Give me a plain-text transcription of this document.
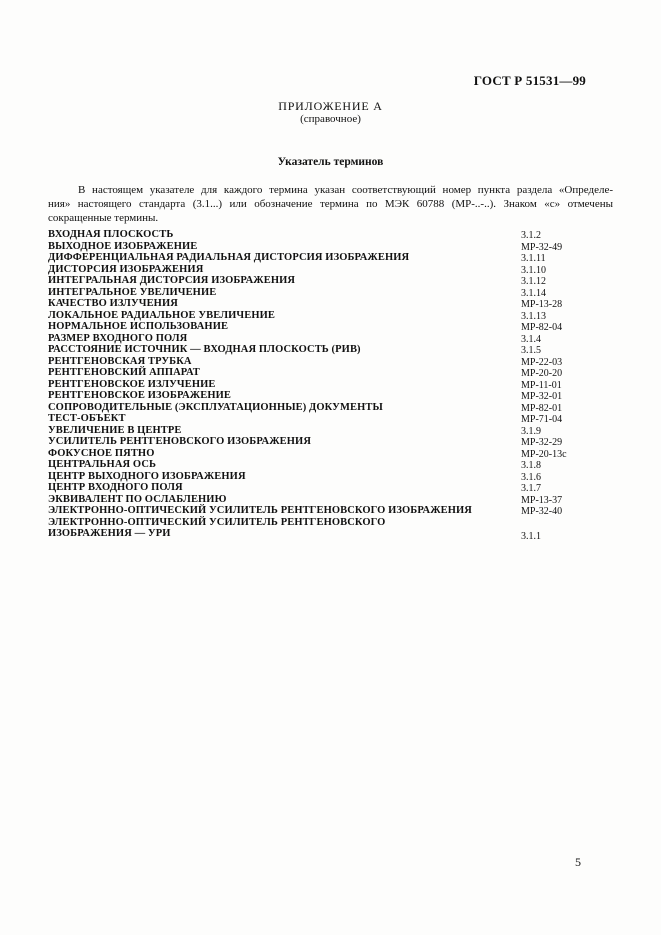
ГОСТ Р 51531—99
ПРИЛОЖЕНИЕ А
(справочное)
Указатель терминов
В настоящем указателе для каждого термина указан соответствующий номер пункта раздела «Определе-
ния» настоящего стандарта (3.1...) или обозначение термина по МЭК 60788 (МР-..-..). Знаком «с» отмечены
сокращенные термины.
ВХОДНАЯ ПЛОСКОСТЬ	3.1.2
ВЫХОДНОЕ ИЗОБРАЖЕНИЕ	МР-32-49
ДИФФЕРЕНЦИАЛЬНАЯ РАДИАЛЬНАЯ ДИСТОРСИЯ ИЗОБРАЖЕНИЯ	3.1.11
ДИСТОРСИЯ ИЗОБРАЖЕНИЯ	3.1.10
ИНТЕГРАЛЬНАЯ ДИСТОРСИЯ ИЗОБРАЖЕНИЯ	3.1.12
ИНТЕГРАЛЬНОЕ УВЕЛИЧЕНИЕ	3.1.14
КАЧЕСТВО ИЗЛУЧЕНИЯ	МР-13-28
ЛОКАЛЬНОЕ РАДИАЛЬНОЕ УВЕЛИЧЕНИЕ	3.1.13
НОРМАЛЬНОЕ ИСПОЛЬЗОВАНИЕ	МР-82-04
РАЗМЕР ВХОДНОГО ПОЛЯ	3.1.4
РАССТОЯНИЕ ИСТОЧНИК — ВХОДНАЯ ПЛОСКОСТЬ (РИВ)	3.1.5
РЕНТГЕНОВСКАЯ ТРУБКА	МР-22-03
РЕНТГЕНОВСКИЙ АППАРАТ	МР-20-20
РЕНТГЕНОВСКОЕ ИЗЛУЧЕНИЕ	МР-11-01
РЕНТГЕНОВСКОЕ ИЗОБРАЖЕНИЕ	МР-32-01
СОПРОВОДИТЕЛЬНЫЕ (ЭКСПЛУАТАЦИОННЫЕ) ДОКУМЕНТЫ	МР-82-01
ТЕСТ-ОБЪЕКТ	МР-71-04
УВЕЛИЧЕНИЕ В ЦЕНТРЕ	3.1.9
УСИЛИТЕЛЬ РЕНТГЕНОВСКОГО ИЗОБРАЖЕНИЯ	МР-32-29
ФОКУСНОЕ ПЯТНО	МР-20-13с
ЦЕНТРАЛЬНАЯ ОСЬ	3.1.8
ЦЕНТР ВЫХОДНОГО ИЗОБРАЖЕНИЯ	3.1.6
ЦЕНТР ВХОДНОГО ПОЛЯ	3.1.7
ЭКВИВАЛЕНТ ПО ОСЛАБЛЕНИЮ	МР-13-37
ЭЛЕКТРОННО-ОПТИЧЕСКИЙ УСИЛИТЕЛЬ РЕНТГЕНОВСКОГО ИЗОБРАЖЕНИЯ	МР-32-40
ЭЛЕКТРОННО-ОПТИЧЕСКИЙ УСИЛИТЕЛЬ РЕНТГЕНОВСКОГО
ИЗОБРАЖЕНИЯ — УРИ	3.1.1
5
